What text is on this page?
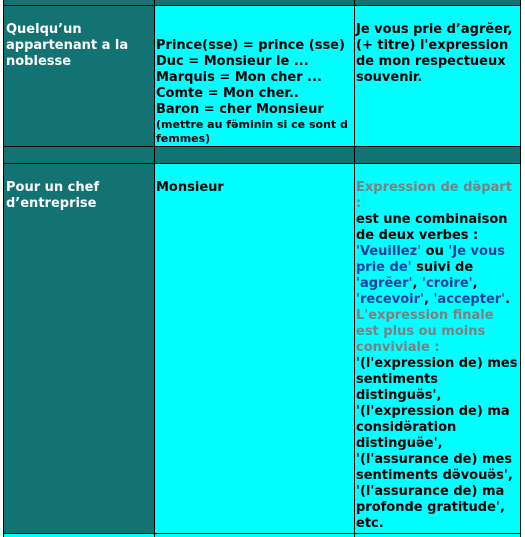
Quelqu’un appartenant a la noblesse

Prince(sse) = prince (sse)

Duc = Monsieur le ...

Marquis = Mon cher ...

Comte = Mon cher..

Baron = cher Monsieur

(mettre au fӛminin si ce sont d femmes)

Je vous prie d’agrӗer, (+ titre) l'expression de mon respectueux souvenir.

Pour un chef d’entreprise

Monsieur	Expression de dӛpart :

est une combinaison de deux verbes : 'Veuillez' ou 'Je vous prie de' suivi de 'agrӗer', 'croire', 'recevoir', 'accepter'.

L'expression finale est plus ou moins conviviale :

'(l'expression de) mes sentiments distinguӛs',

'(l'expression de) ma considӛration distinguӛe',

'(l'assurance de) mes sentiments dӛvouӛs',

'(l'assurance de) ma profonde gratitude',

etc.
